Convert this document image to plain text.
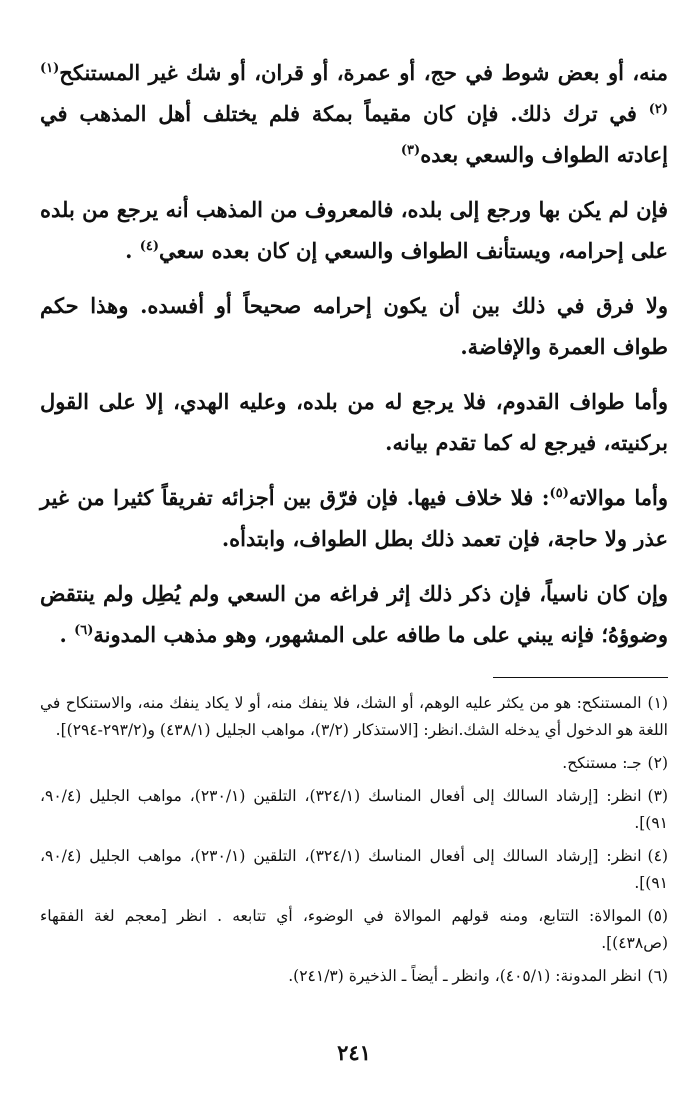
منه، أو بعض شوط في حج، أو عمرة، أو قران، أو شك غير المستنكح$^{(١)(٢)}$ في ترك ذلك. فإن كان مقيماً بمكة فلم يختلف أهل المذهب في إعادته الطواف والسعي بعده$^{(٣)}$

فإن لم يكن بها ورجع إلى بلده، فالمعروف من المذهب أنه يرجع من بلده على إحرامه، ويستأنف الطواف والسعي إن كان بعده سعي$^{(٤)}$ .

ولا فرق في ذلك بين أن يكون إحرامه صحيحاً أو أفسده. وهذا حكم طواف العمرة والإفاضة.

وأما طواف القدوم، فلا يرجع له من بلده، وعليه الهدي، إلا على القول بركنيته، فيرجع له كما تقدم بيانه.

وأما موالاته$^{(٥)}$: فلا خلاف فيها. فإن فرّق بين أجزائه تفريقاً كثيرا من غير عذر ولا حاجة، فإن تعمد ذلك بطل الطواف، وابتدأه.

وإن كان ناسياً، فإن ذكر ذلك إثر فراغه من السعي ولم يُطِل ولم ينتقض وضوؤهُ؛ فإنه يبني على ما طافه على المشهور، وهو مذهب المدونة$^{(٦)}$ .

(١)المستنكح: هو من يكثر عليه الوهم، أو الشك، فلا ينفك منه، أو لا يكاد ينفك منه، والاستنكاح في اللغة هو الدخول أي يدخله الشك.انظر: [الاستذكار (٣/٢)، مواهب الجليل (٤٣٨/١) و(٢٩٣/٢-٢٩٤)].

(٢)جـ: مستنكح.

(٣)انظر: [إرشاد السالك إلى أفعال المناسك (٣٢٤/١)، التلقين (٢٣٠/١)، مواهب الجليل (٩٠/٤، ٩١)].

(٤)انظر: [إرشاد السالك إلى أفعال المناسك (٣٢٤/١)، التلقين (٢٣٠/١)، مواهب الجليل (٩٠/٤، ٩١)].

(٥)الموالاة: التتابع، ومنه قولهم الموالاة في الوضوء، أي تتابعه . انظر [معجم لغة الفقهاء (ص٤٣٨)].

(٦)انظر المدونة: (٤٠٥/١)، وانظر ـ أيضاً ـ الذخيرة (٢٤١/٣).

٢٤١
